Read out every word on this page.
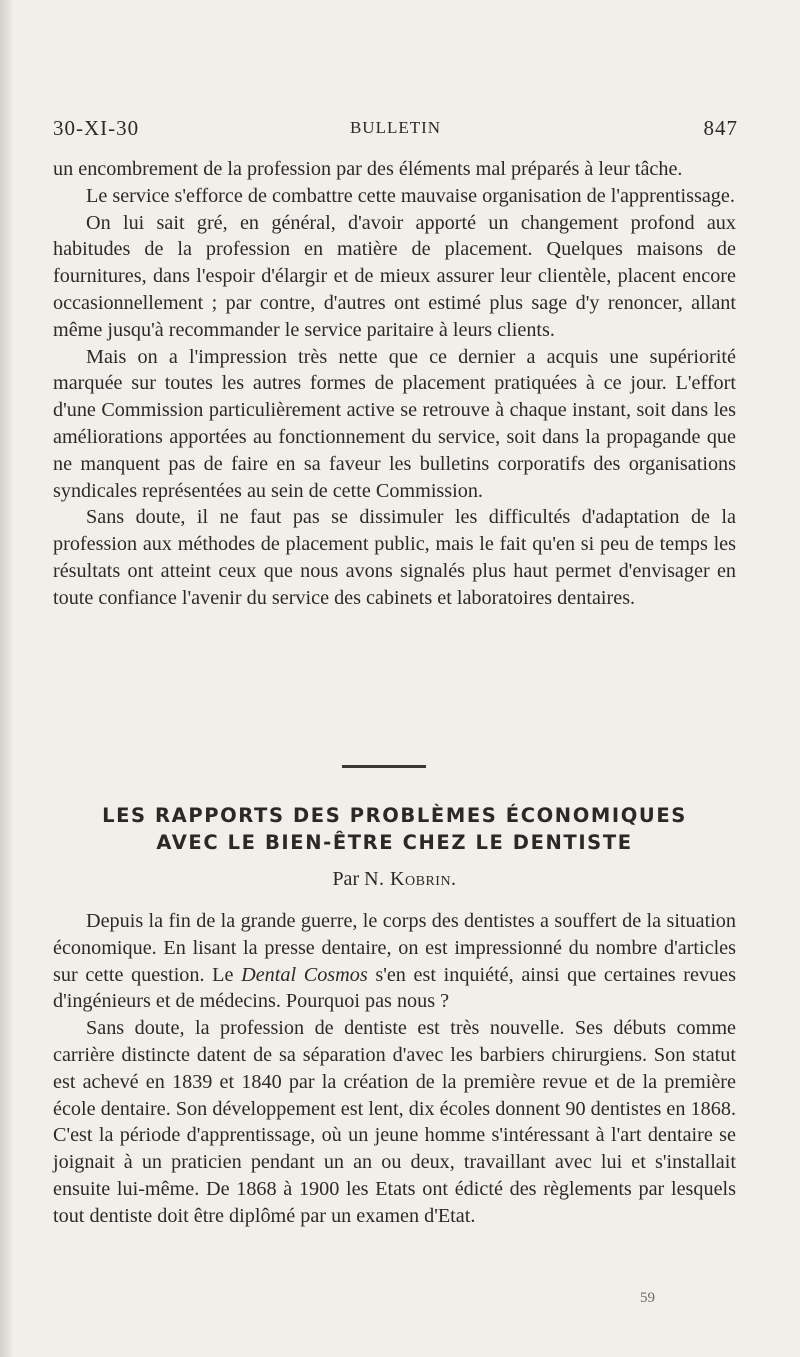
30-XI-30	BULLETIN	847

un encombrement de la profession par des éléments mal préparés à leur tâche.

Le service s'efforce de combattre cette mauvaise organisation de l'apprentissage.

On lui sait gré, en général, d'avoir apporté un changement profond aux habitudes de la profession en matière de placement. Quelques maisons de fournitures, dans l'espoir d'élargir et de mieux assurer leur clientèle, placent encore occasionnellement ; par contre, d'autres ont estimé plus sage d'y renoncer, allant même jusqu'à recommander le service paritaire à leurs clients.

Mais on a l'impression très nette que ce dernier a acquis une supériorité marquée sur toutes les autres formes de placement pratiquées à ce jour. L'effort d'une Commission particulièrement active se retrouve à chaque instant, soit dans les améliorations apportées au fonctionnement du service, soit dans la propagande que ne manquent pas de faire en sa faveur les bulletins corporatifs des organisations syndicales représentées au sein de cette Commission.

Sans doute, il ne faut pas se dissimuler les difficultés d'adaptation de la profession aux méthodes de placement public, mais le fait qu'en si peu de temps les résultats ont atteint ceux que nous avons signalés plus haut permet d'envisager en toute confiance l'avenir du service des cabinets et laboratoires dentaires.

LES RAPPORTS DES PROBLÈMES ÉCONOMIQUES
AVEC LE BIEN-ÊTRE CHEZ LE DENTISTE
Par N. Kobrin.

Depuis la fin de la grande guerre, le corps des dentistes a souffert de la situation économique. En lisant la presse dentaire, on est impressionné du nombre d'articles sur cette question. Le Dental Cosmos s'en est inquiété, ainsi que certaines revues d'ingénieurs et de médecins. Pourquoi pas nous ?

Sans doute, la profession de dentiste est très nouvelle. Ses débuts comme carrière distincte datent de sa séparation d'avec les barbiers chirurgiens. Son statut est achevé en 1839 et 1840 par la création de la première revue et de la première école dentaire. Son développement est lent, dix écoles donnent 90 dentistes en 1868. C'est la période d'apprentissage, où un jeune homme s'intéressant à l'art dentaire se joignait à un praticien pendant un an ou deux, travaillant avec lui et s'installait ensuite lui-même. De 1868 à 1900 les Etats ont édicté des règlements par lesquels tout dentiste doit être diplômé par un examen d'Etat.

59
